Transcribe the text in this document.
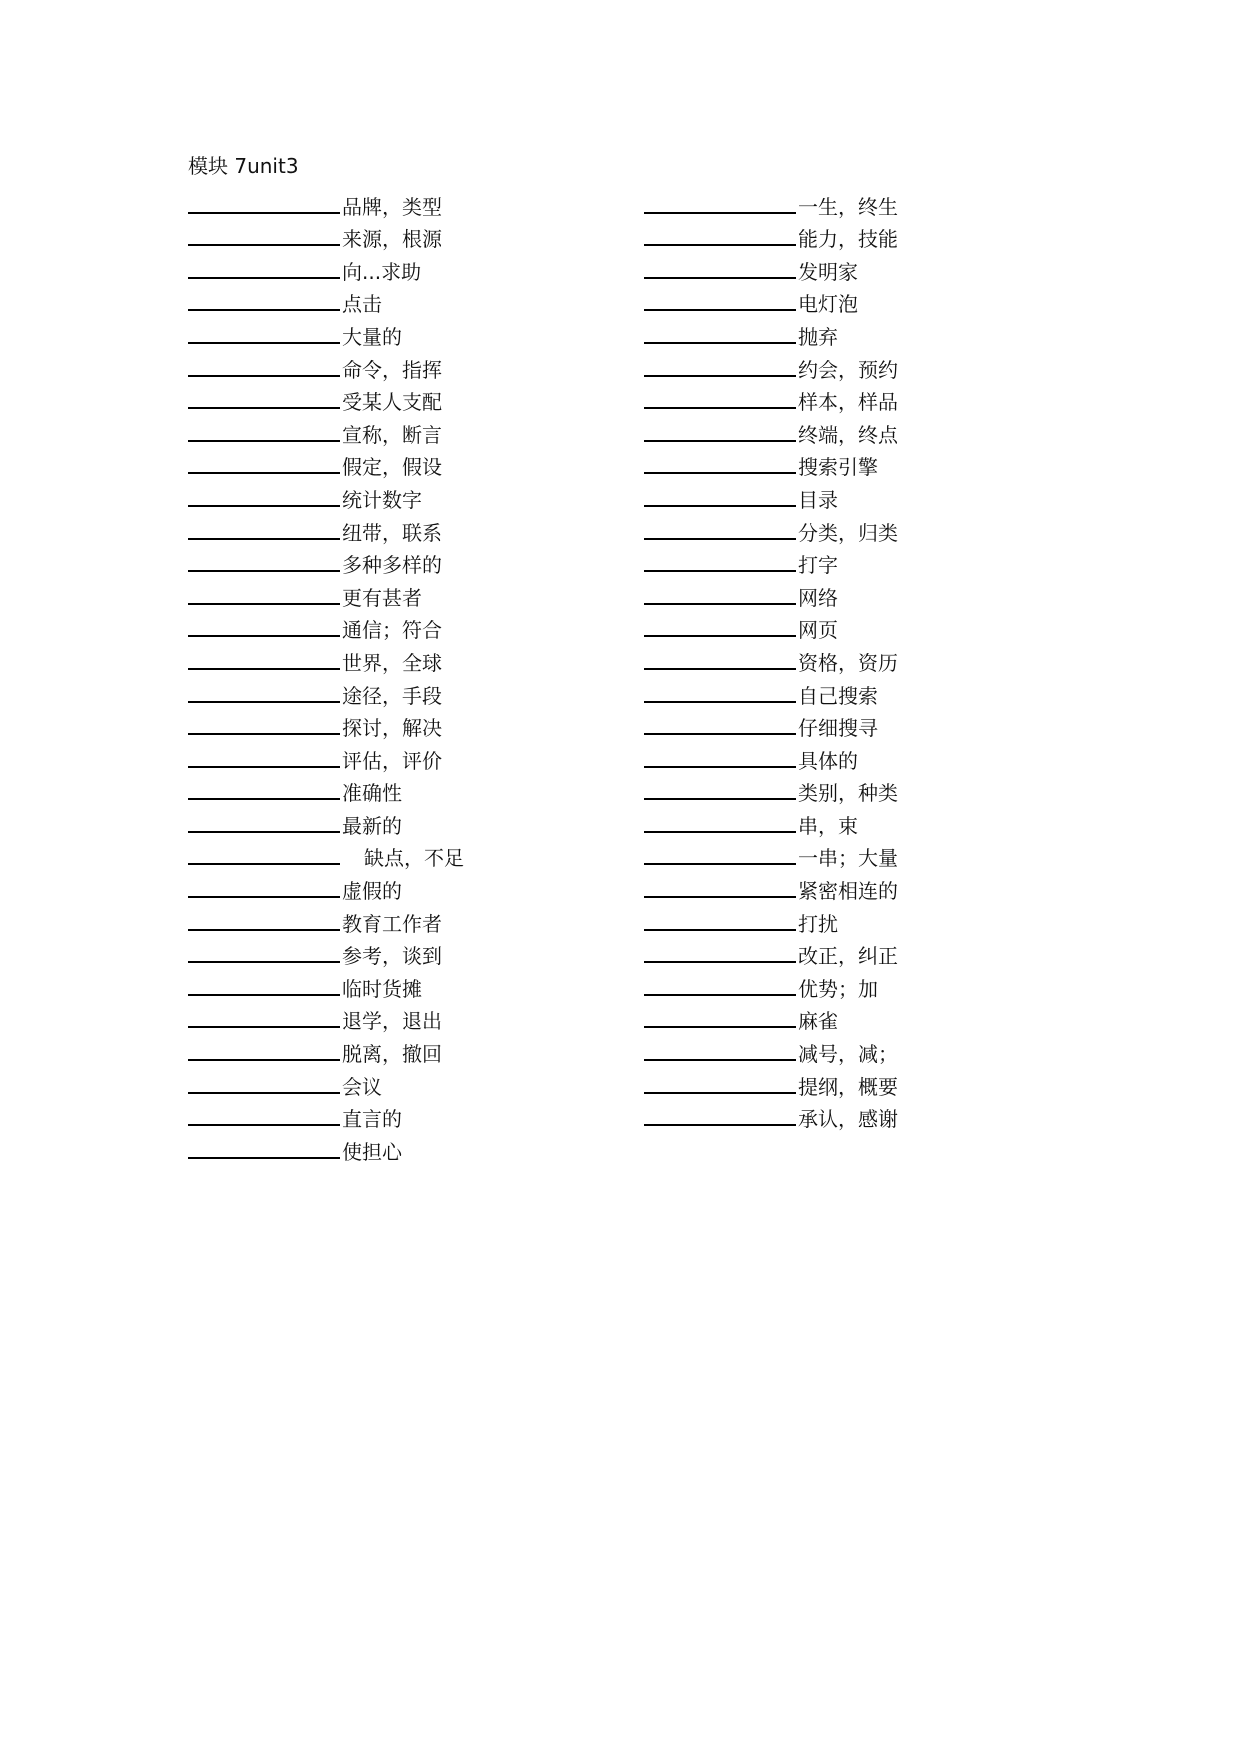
模块 7unit3
品牌，类型
来源，根源
向...求助
点击
大量的
命令，指挥
受某人支配
宣称，断言
假定，假设
统计数字
纽带，联系
多种多样的
更有甚者
通信；符合
世界，全球
途径，手段
探讨，解决
评估，评价
准确性
最新的
缺点，不足
虚假的
教育工作者
参考，谈到
临时货摊
退学，退出
脱离，撤回
会议
直言的
使担心
一生，终生
能力，技能
发明家
电灯泡
抛弃
约会，预约
样本，样品
终端，终点
搜索引擎
目录
分类，归类
打字
网络
网页
资格，资历
自己搜索
仔细搜寻
具体的
类别，种类
串，束
一串；大量
紧密相连的
打扰
改正，纠正
优势；加
麻雀
减号，减；
提纲，概要
承认，感谢
